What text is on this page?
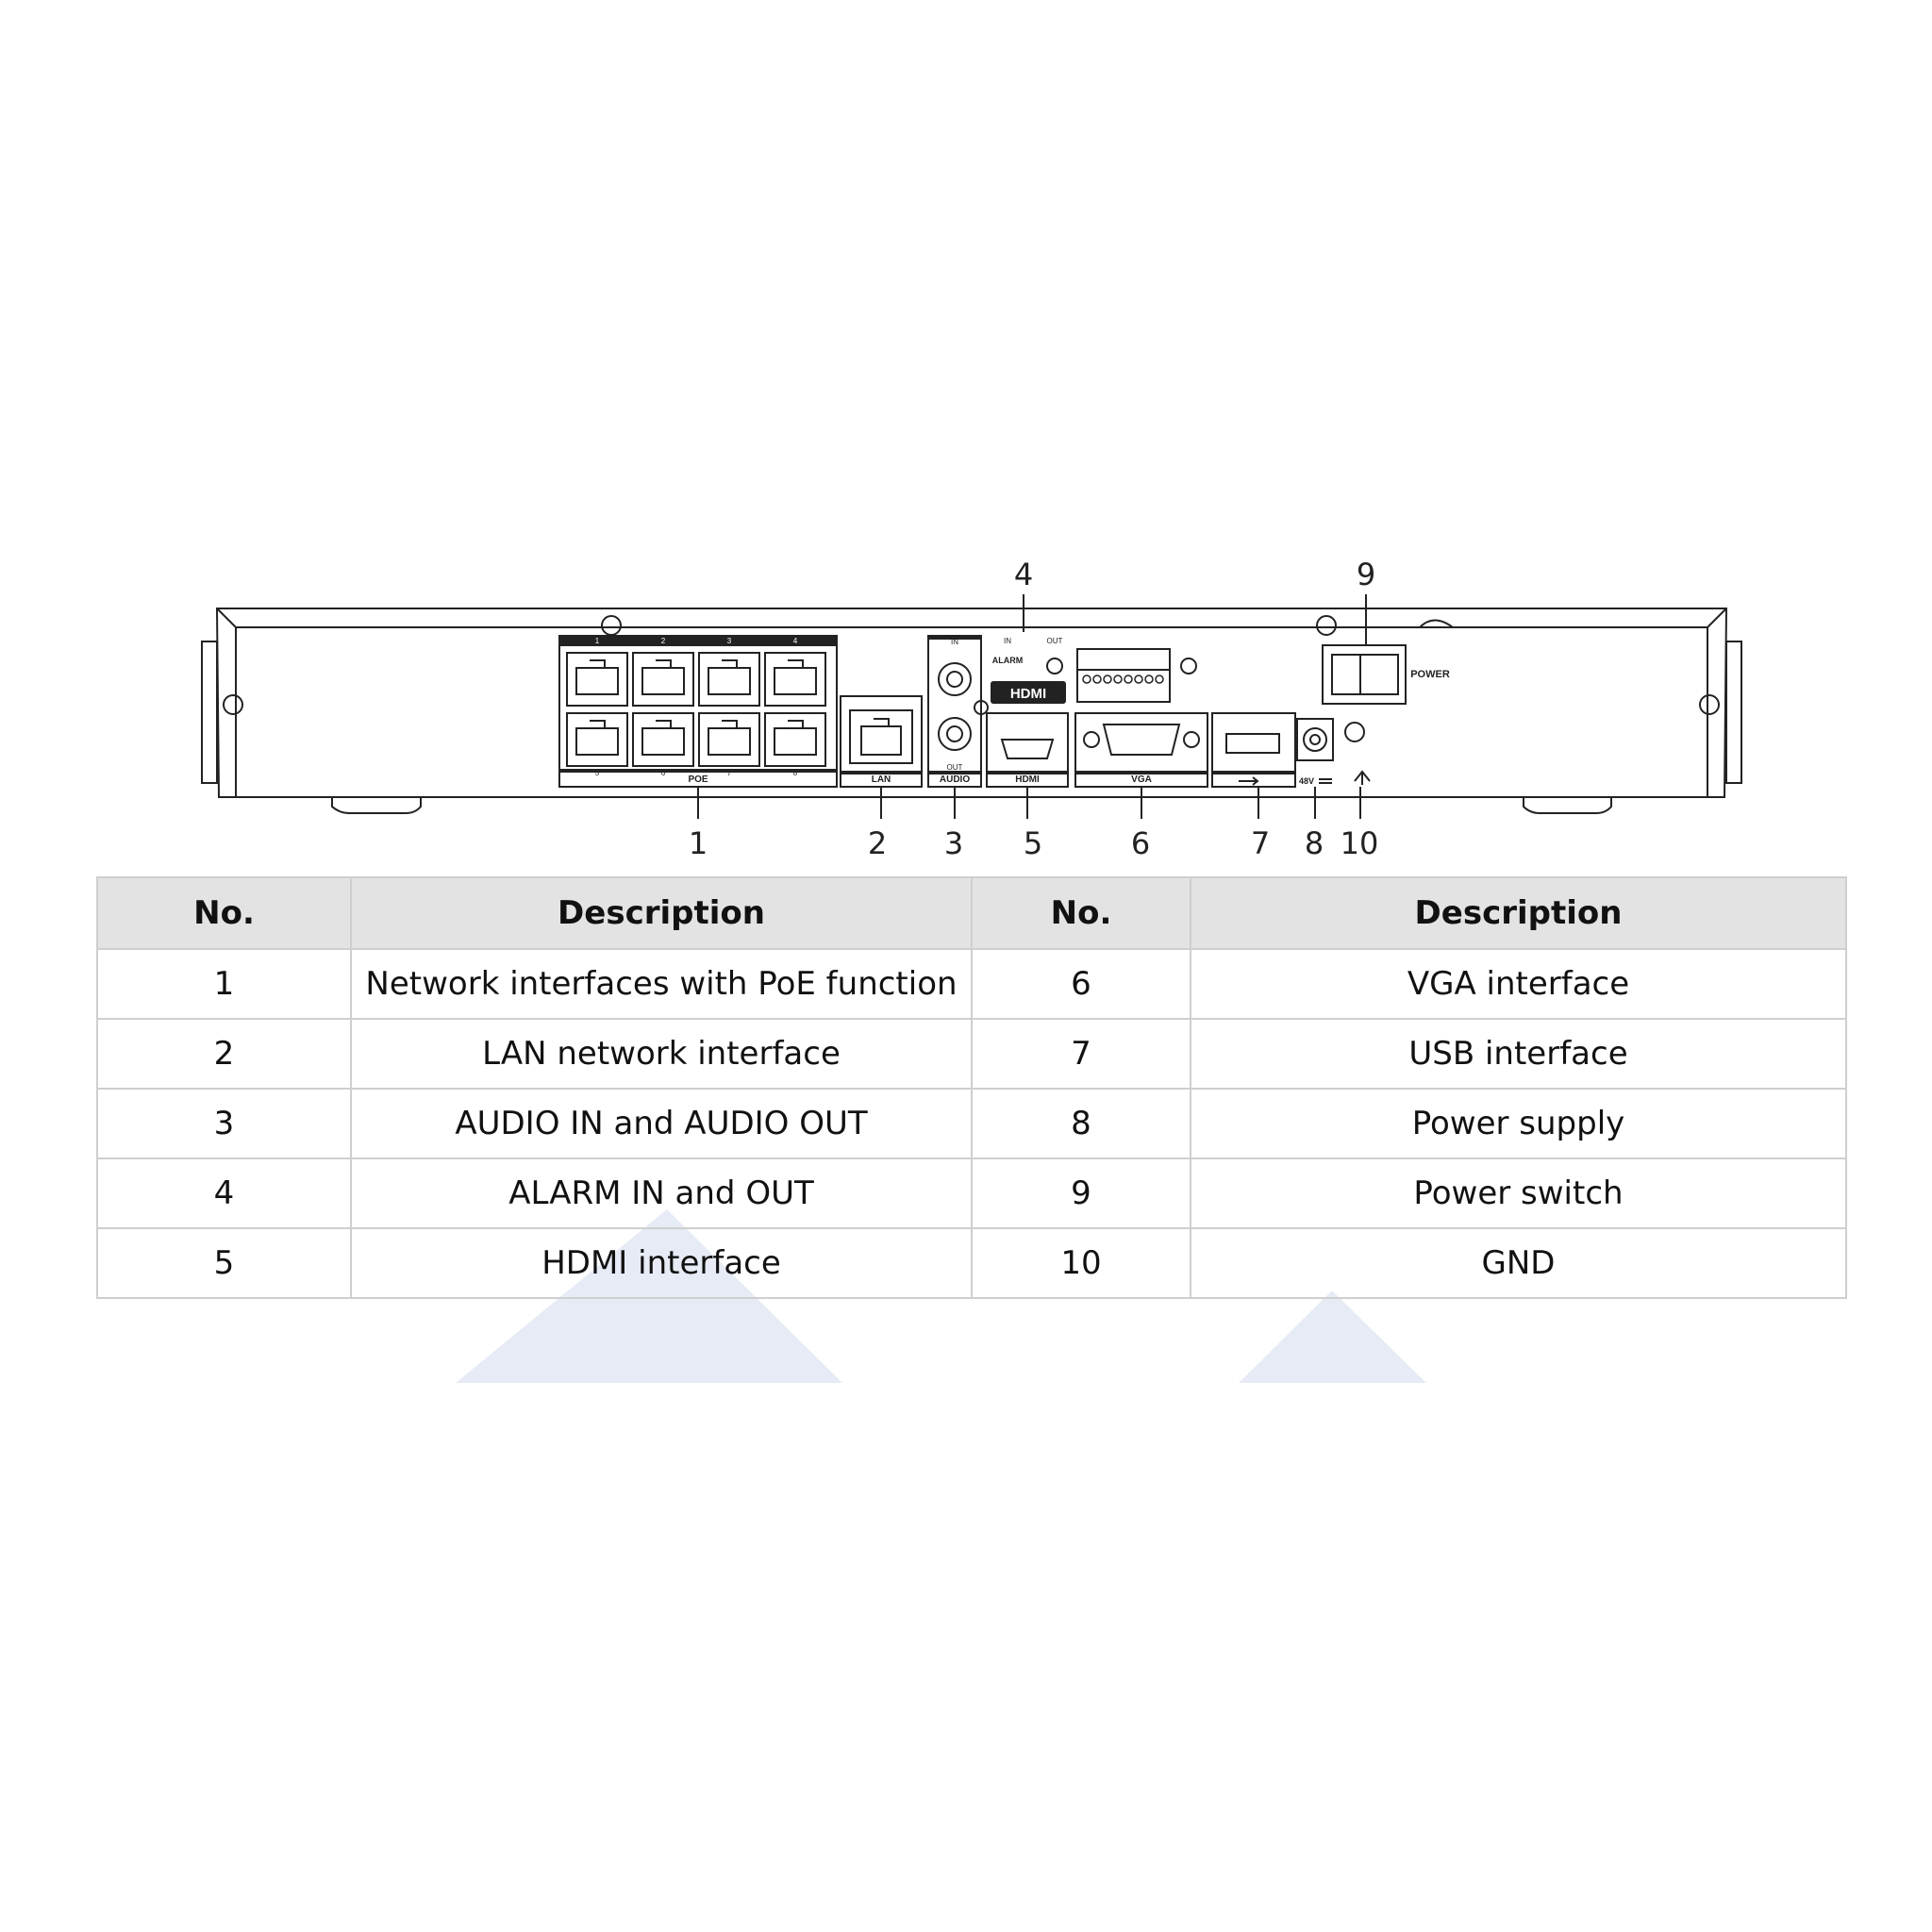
1	2	3	4
5	6	7	8
POE	LAN
IN
OUT
AUDIO
IN	OUT
ALARM
HDMI
HDMI	VGA	48V
POWER
1	2 3 5	6	7 8 10
4	9
No.	Description	No.	Description
1	Network interfaces with PoE function	6	VGA interface
2	LAN network interface	7	USB interface
3	AUDIO IN and AUDIO OUT	8	Power supply
4	ALARM IN and OUT	9	Power switch
5	HDMI interface	10	GND
